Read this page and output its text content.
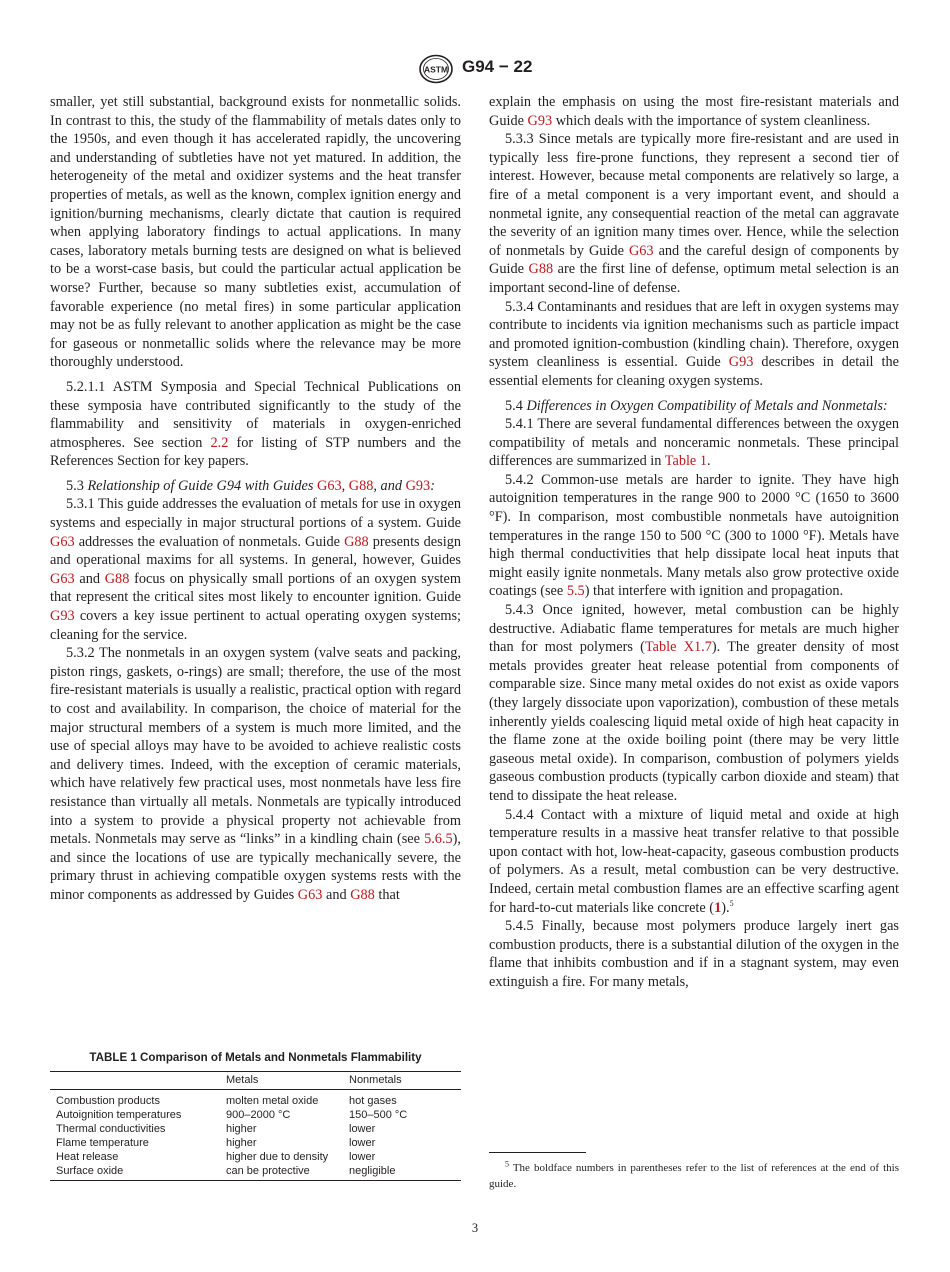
ASTM G94 − 22

smaller, yet still substantial, background exists for nonmetallic solids. In contrast to this, the study of the flammability of metals dates only to the 1950s, and even though it has accelerated rapidly, the uncovering and understanding of subtleties have not yet matured. In addition, the heterogeneity of the metal and oxidizer systems and the heat transfer properties of metals, as well as the known, complex ignition energy and ignition/burning mechanisms, clearly dictate that caution is required when applying laboratory findings to actual applications. In many cases, laboratory metals burning tests are designed on what is believed to be a worst-case basis, but could the particular actual application be worse? Further, because so many subtleties exist, accumulation of favorable experience (no metal fires) in some particular application may not be as fully relevant to another application as might be the case for gaseous or nonmetallic solids where the relevance may be more thoroughly understood.

5.2.1.1 ASTM Symposia and Special Technical Publications on these symposia have contributed significantly to the study of the flammability and sensitivity of materials in oxygen-enriched atmospheres. See section 2.2 for listing of STP numbers and the References Section for key papers.

5.3 Relationship of Guide G94 with Guides G63, G88, and G93:

5.3.1 This guide addresses the evaluation of metals for use in oxygen systems and especially in major structural portions of a system. Guide G63 addresses the evaluation of nonmetals. Guide G88 presents design and operational maxims for all systems. In general, however, Guides G63 and G88 focus on physically small portions of an oxygen system that represent the critical sites most likely to encounter ignition. Guide G93 covers a key issue pertinent to actual operating oxygen systems; cleaning for the service.

5.3.2 The nonmetals in an oxygen system (valve seats and packing, piston rings, gaskets, o-rings) are small; therefore, the use of the most fire-resistant materials is usually a realistic, practical option with regard to cost and availability. In comparison, the choice of material for the major structural members of a system is much more limited, and the use of special alloys may have to be avoided to achieve realistic costs and delivery times. Indeed, with the exception of ceramic materials, which have relatively few practical uses, most nonmetals have less fire resistance than virtually all metals. Nonmetals are typically introduced into a system to provide a physical property not achievable from metals. Nonmetals may serve as “links” in a kindling chain (see 5.6.5), and since the locations of use are typically mechanically severe, the primary thrust in achieving compatible oxygen systems rests with the minor components as addressed by Guides G63 and G88 that

TABLE 1 Comparison of Metals and Nonmetals Flammability
	Metals	Nonmetals
Combustion products	molten metal oxide	hot gases
Autoignition temperatures	900–2000 °C	150–500 °C
Thermal conductivities	higher	lower
Flame temperature	higher	lower
Heat release	higher due to density	lower
Surface oxide	can be protective	negligible

explain the emphasis on using the most fire-resistant materials and Guide G93 which deals with the importance of system cleanliness.

5.3.3 Since metals are typically more fire-resistant and are used in typically less fire-prone functions, they represent a second tier of interest. However, because metal components are relatively so large, a fire of a metal component is a very important event, and should a nonmetal ignite, any consequential reaction of the metal can aggravate the severity of an ignition many times over. Hence, while the selection of nonmetals by Guide G63 and the careful design of components by Guide G88 are the first line of defense, optimum metal selection is an important second-line of defense.

5.3.4 Contaminants and residues that are left in oxygen systems may contribute to incidents via ignition mechanisms such as particle impact and promoted ignition-combustion (kindling chain). Therefore, oxygen system cleanliness is essential. Guide G93 describes in detail the essential elements for cleaning oxygen systems.

5.4 Differences in Oxygen Compatibility of Metals and Nonmetals:

5.4.1 There are several fundamental differences between the oxygen compatibility of metals and nonceramic nonmetals. These principal differences are summarized in Table 1.

5.4.2 Common-use metals are harder to ignite. They have high autoignition temperatures in the range 900 to 2000 °C (1650 to 3600 °F). In comparison, most combustible nonmetals have autoignition temperatures in the range 150 to 500 °C (300 to 1000 °F). Metals have high thermal conductivities that help dissipate local heat inputs that might easily ignite nonmetals. Many metals also grow protective oxide coatings (see 5.5) that interfere with ignition and propagation.

5.4.3 Once ignited, however, metal combustion can be highly destructive. Adiabatic flame temperatures for metals are much higher than for most polymers (Table X1.7). The greater density of most metals provides greater heat release potential from components of comparable size. Since many metal oxides do not exist as oxide vapors (they largely dissociate upon vaporization), combustion of these metals inherently yields coalescing liquid metal oxide of high heat capacity in the flame zone at the oxide boiling point (there may be very little gaseous metal oxide). In comparison, combustion of polymers yields gaseous combustion products (typically carbon dioxide and steam) that tend to dissipate the heat release.

5.4.4 Contact with a mixture of liquid metal and oxide at high temperature results in a massive heat transfer relative to that possible upon contact with hot, low-heat-capacity, gaseous combustion products of polymers. As a result, metal combustion can be very destructive. Indeed, certain metal combustion flames are an effective scarfing agent for hard-to-cut materials like concrete (1).$^5$

5.4.5 Finally, because most polymers produce largely inert gas combustion products, there is a substantial dilution of the oxygen in the flame that inhibits combustion and if in a stagnant system, may even extinguish a fire. For many metals,

$^5$ The boldface numbers in parentheses refer to the list of references at the end of this guide.
3
